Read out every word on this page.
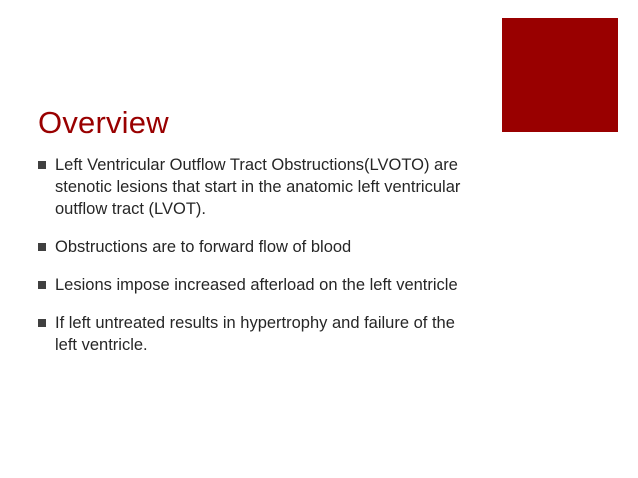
Overview
Left Ventricular Outflow Tract Obstructions(LVOTO) are stenotic lesions that start in the anatomic left ventricular outflow tract (LVOT).
Obstructions are to forward flow of blood
Lesions impose increased afterload on the left ventricle
If left untreated results in hypertrophy and failure of the left ventricle.
